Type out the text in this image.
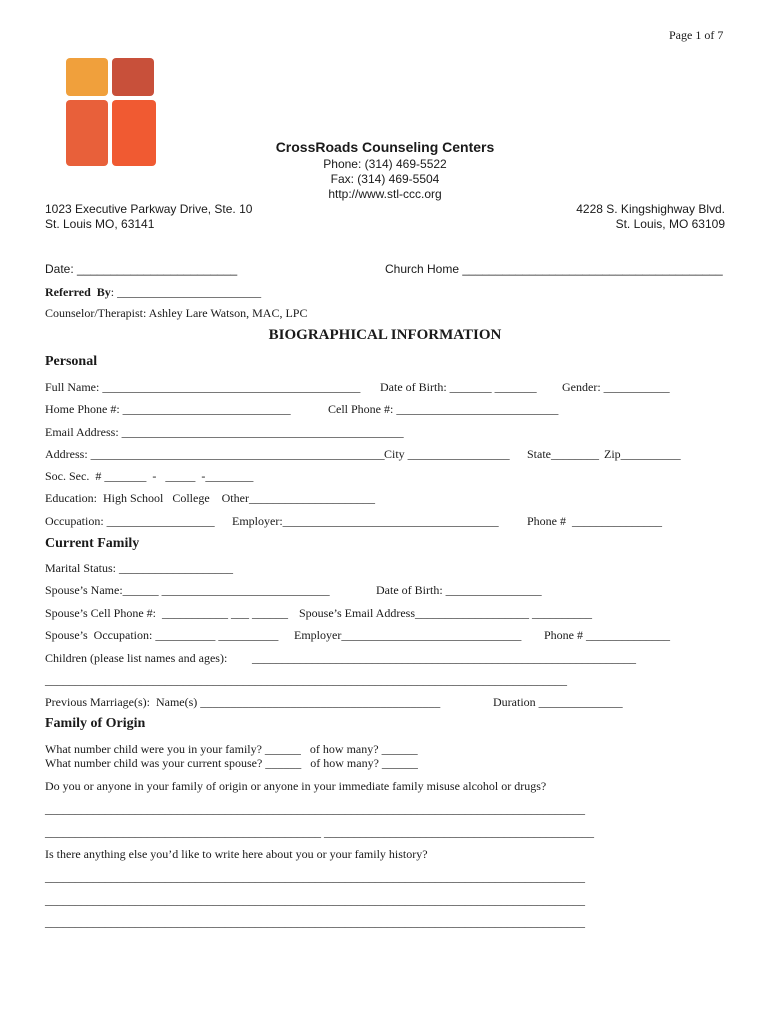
Page 1 of 7
CrossRoads Counseling Centers
Phone: (314) 469-5522
Fax: (314) 469-5504
http://www.stl-ccc.org
1023 Executive Parkway Drive, Ste. 10
St. Louis MO, 63141
4228 S. Kingshighway Blvd.
St. Louis, MO 63109
Date: ________________________	Church Home _______________________________________
Referred  By: ________________________
Counselor/Therapist: Ashley Lare Watson, MAC, LPC
BIOGRAPHICAL INFORMATION
Personal
Full Name: ___________________________________________ Date of Birth: _______ _______ Gender: ___________
Home Phone #: ____________________________	Cell Phone #: ___________________________
Email Address: _______________________________________________
Address: _________________________________________________ City _________________ State________ Zip__________
Soc. Sec.  # _______  -   _____  -________
Education:  High School   College    Other_____________________
Occupation: __________________ Employer:____________________________________ Phone #  _______________
Current Family
Marital Status: ___________________
Spouse’s Name:______ ____________________________	Date of Birth: ________________
Spouse’s Cell Phone #:  ___________ ___ ______ Spouse’s Email Address___________________ __________
Spouse’s  Occupation: __________ __________ Employer______________________________ Phone # ______________
Children (please list names and ages): ________________________________________________________________
_______________________________________________________________________________________
Previous Marriage(s):  Name(s) ________________________________________	Duration ______________
Family of Origin
What number child were you in your family? ______   of how many? ______
What number child was your current spouse? ______   of how many? ______
Do you or anyone in your family of origin or anyone in your immediate family misuse alcohol or drugs?
__________________________________________________________________________________________
______________________________________________ _____________________________________________
Is there anything else you’d like to write here about you or your family history?
__________________________________________________________________________________________
__________________________________________________________________________________________
__________________________________________________________________________________________
